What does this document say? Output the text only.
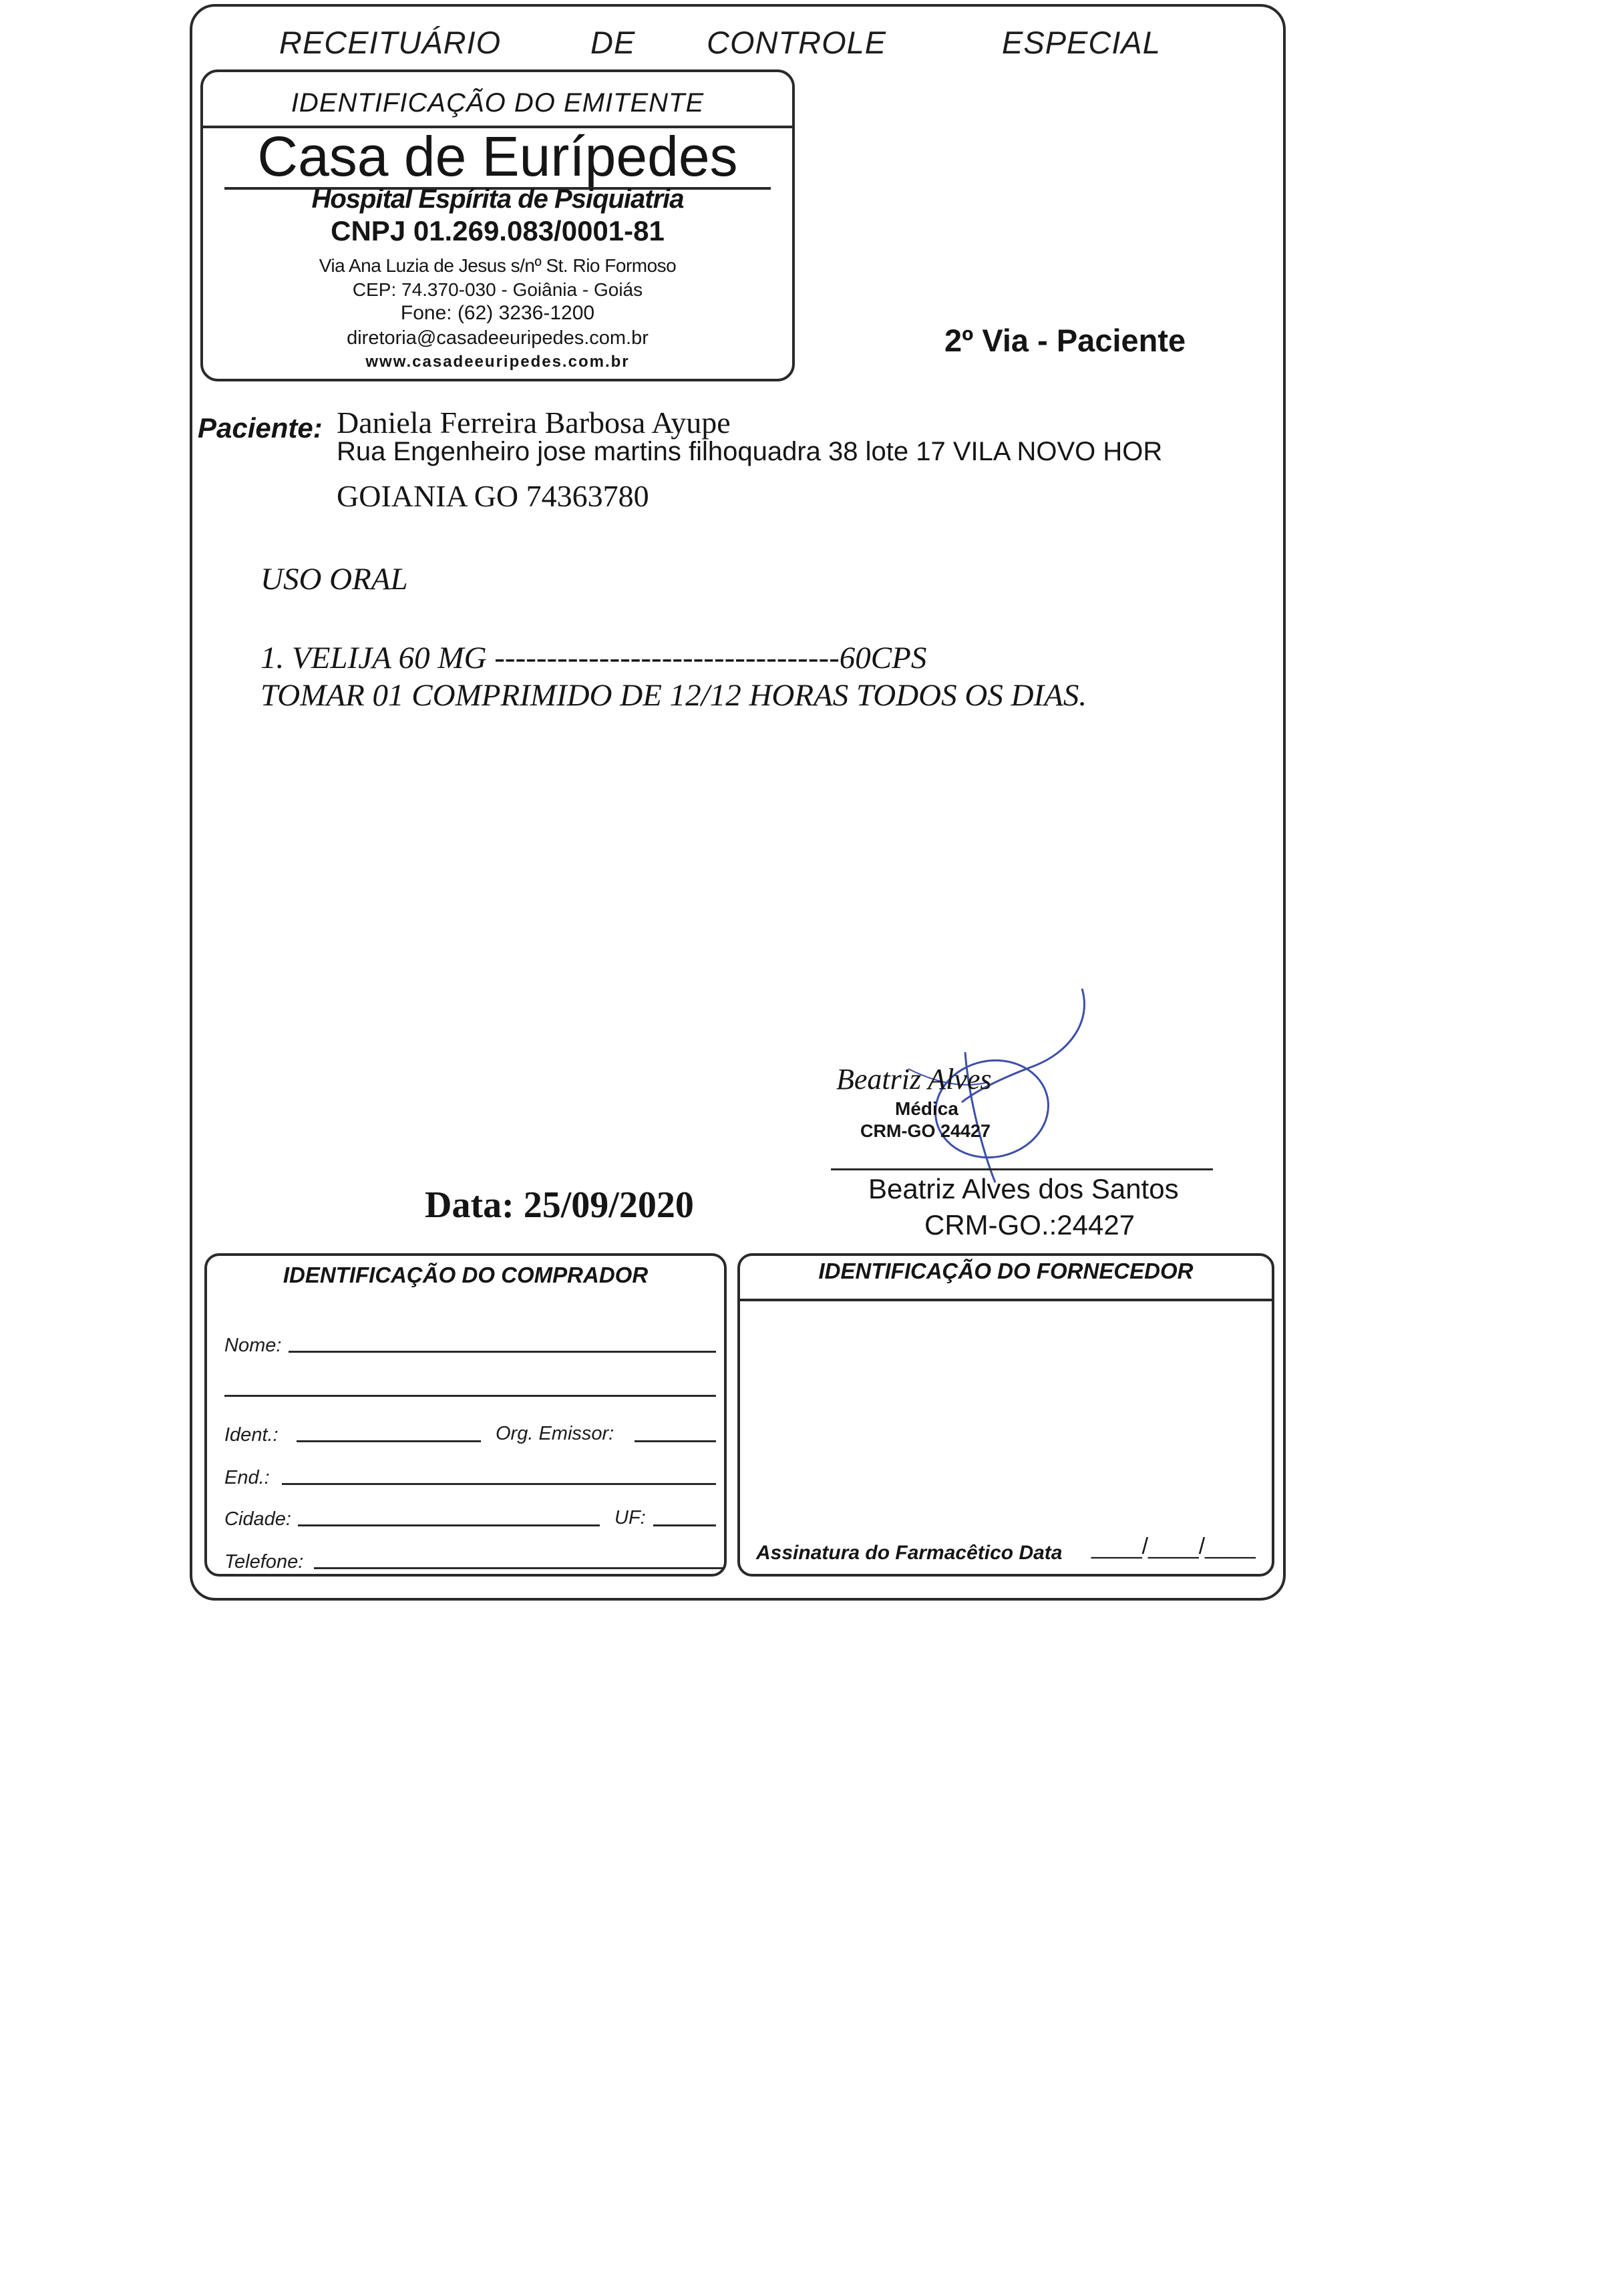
RECEITUÁRIO	DE CONTROLE	ESPECIAL
IDENTIFICAÇÃO DO EMITENTE
Casa de Eurípedes
Hospital Espírita de Psiquiatria
CNPJ 01.269.083/0001-81
Via Ana Luzia de Jesus s/nº St. Rio Formoso
CEP: 74.370-030 - Goiânia - Goiás
Fone: (62) 3236-1200
diretoria@casadeeuripedes.com.br
www.casadeeuripedes.com.br
2º Via - Paciente
Paciente: Daniela Ferreira Barbosa Ayupe
Rua Engenheiro jose martins filhoquadra 38 lote 17 VILA NOVO HOR
GOIANIA GO 74363780
USO ORAL
1. VELIJA 60 MG ---------------------------------60CPS
TOMAR 01 COMPRIMIDO DE 12/12 HORAS TODOS OS DIAS.
Beatriz Alves
Médica
CRM-GO 24427
Beatriz Alves dos Santos
CRM-GO.:24427
Data: 25/09/2020
IDENTIFICAÇÃO DO COMPRADOR
Nome:
Ident.:	Org. Emissor:
End.:
Cidade:	UF:
Telefone:
IDENTIFICAÇÃO DO FORNECEDOR
Assinatura do Farmacêtico Data ____/____/____
